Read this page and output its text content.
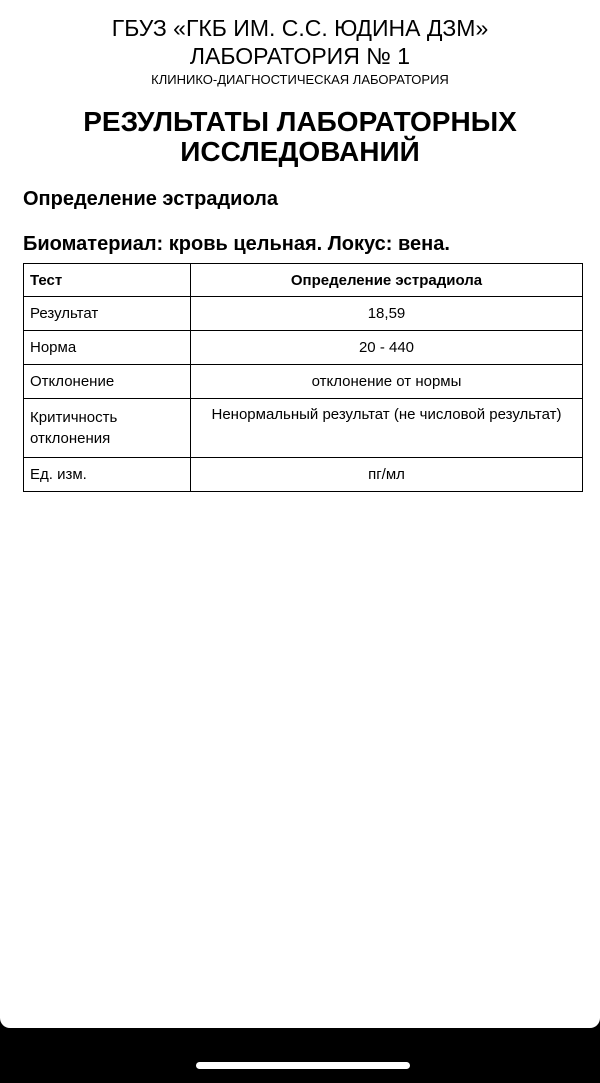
ГБУЗ «ГКБ ИМ. С.С. ЮДИНА ДЗМ»
ЛАБОРАТОРИЯ № 1
КЛИНИКО-ДИАГНОСТИЧЕСКАЯ ЛАБОРАТОРИЯ
РЕЗУЛЬТАТЫ ЛАБОРАТОРНЫХ
ИССЛЕДОВАНИЙ
Определение эстрадиола
Биоматериал: кровь цельная. Локус: вена.
Тест	Определение эстрадиола
Результат	18,59
Норма	20 - 440
Отклонение	отклонение от нормы

Критичность
отклонения	Ненормальный результат (не числовой результат)
Ед. изм.	пг/мл
